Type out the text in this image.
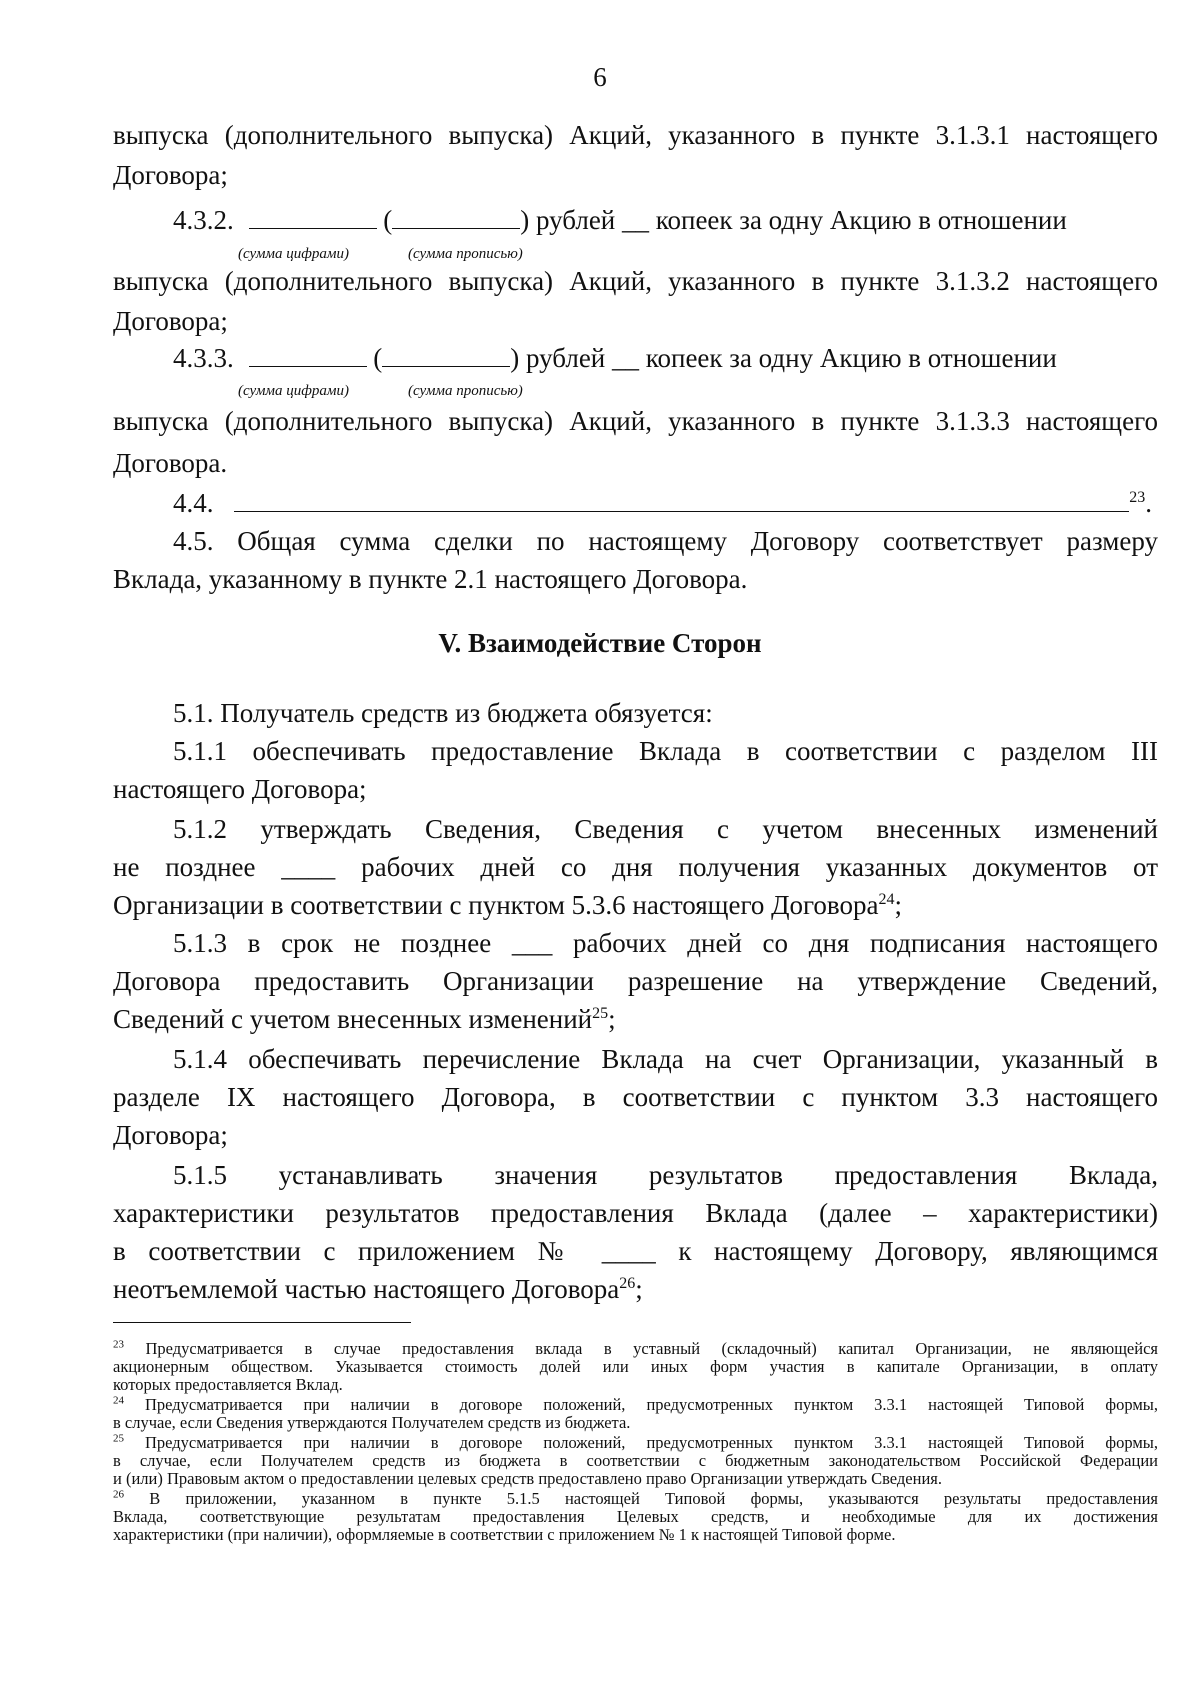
6
выпуска (дополнительного выпуска) Акций, указанного в пункте 3.1.3.1 настоящего
Договора;
4.3.2.	(	) рублей __ копеек за одну Акцию в отношении
(сумма цифрами)	(сумма прописью)
выпуска (дополнительного выпуска) Акций, указанного в пункте 3.1.3.2 настоящего
Договора;
4.3.3.	(	) рублей __ копеек за одну Акцию в отношении
(сумма цифрами)	(сумма прописью)
выпуска (дополнительного выпуска) Акций, указанного в пункте 3.1.3.3 настоящего
Договора.
4.4.	$^{23}$.
4.5. Общая сумма сделки по настоящему Договору соответствует размеру
Вклада, указанному в пункте 2.1 настоящего Договора.
V. Взаимодействие Сторон
5.1. Получатель средств из бюджета обязуется:
5.1.1 обеспечивать предоставление Вклада в соответствии с разделом III
настоящего Договора;
5.1.2 утверждать Сведения, Сведения с учетом внесенных изменений
не позднее ____ рабочих дней со дня получения указанных документов от
Организации в соответствии с пунктом 5.3.6 настоящего Договора$^{24}$;
5.1.3 в срок не позднее ___ рабочих дней со дня подписания настоящего
Договора предоставить Организации разрешение на утверждение Сведений,
Сведений с учетом внесенных изменений$^{25}$;
5.1.4 обеспечивать перечисление Вклада на счет Организации, указанный в
разделе IX настоящего Договора, в соответствии с пунктом 3.3 настоящего
Договора;
5.1.5 устанавливать значения результатов предоставления Вклада,
характеристики результатов предоставления Вклада (далее – характеристики)
в соответствии с приложением № ____ к настоящему Договору, являющимся
неотъемлемой частью настоящего Договора$^{26}$;
$^{23}$ Предусматривается в случае предоставления вклада в уставный (складочный) капитал Организации, не являющейся
акционерным обществом. Указывается стоимость долей или иных форм участия в капитале Организации, в оплату
которых предоставляется Вклад.
$^{24}$ Предусматривается при наличии в договоре положений, предусмотренных пунктом 3.3.1 настоящей Типовой формы,
в случае, если Сведения утверждаются Получателем средств из бюджета.
$^{25}$ Предусматривается при наличии в договоре положений, предусмотренных пунктом 3.3.1 настоящей Типовой формы,
в случае, если Получателем средств из бюджета в соответствии с бюджетным законодательством Российской Федерации
и (или) Правовым актом о предоставлении целевых средств предоставлено право Организации утверждать Сведения.
$^{26}$ В приложении, указанном в пункте 5.1.5 настоящей Типовой формы, указываются результаты предоставления
Вклада, соответствующие результатам предоставления Целевых средств, и необходимые для их достижения
характеристики (при наличии), оформляемые в соответствии с приложением № 1 к настоящей Типовой форме.
